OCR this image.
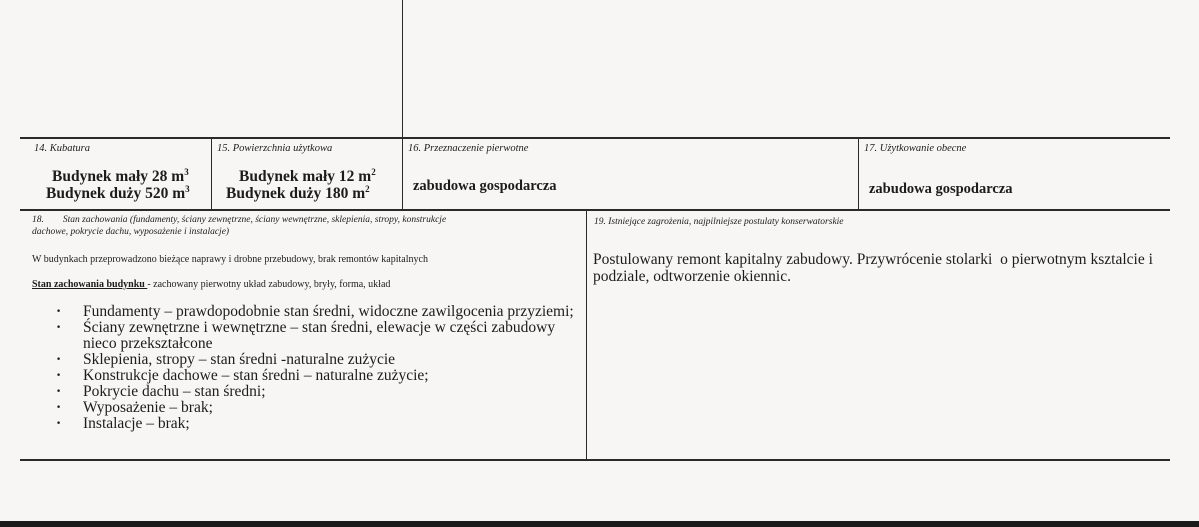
14. Kubatura
Budynek mały 28 $m^3$
Budynek duży 520 $m^3$
15. Powierzchnia użytkowa
Budynek mały 12 $m^2$
Budynek duży 180 $m^2$
16. Przeznaczenie pierwotne
zabudowa gospodarcza
17. Użytkowanie obecne
zabudowa gospodarcza
18.        Stan zachowania (fundamenty, ściany zewnętrzne, ściany wewnętrzne, sklepienia, stropy, konstrukcje
dachowe, pokrycie dachu, wyposażenie i instalacje)
W budynkach przeprowadzono bieżące naprawy i drobne przebudowy, brak remontów kapitalnych
Stan zachowania budynku - zachowany pierwotny układ zabudowy, bryły, forma, układ
· Fundamenty – prawdopodobnie stan średni, widoczne zawilgocenia przyziemi;
· Ściany zewnętrzne i wewnętrzne – stan średni, elewacje w części zabudowy nieco przekształcone
· Sklepienia, stropy – stan średni -naturalne zużycie
· Konstrukcje dachowe – stan średni – naturalne zużycie;
· Pokrycie dachu – stan średni;
· Wyposażenie – brak;
· Instalacje – brak;
19. Istniejące zagrożenia, najpilniejsze postulaty konserwatorskie
Postulowany remont kapitalny zabudowy. Przywrócenie stolarki  o pierwotnym ksztalcie i
podziale, odtworzenie okiennic.
